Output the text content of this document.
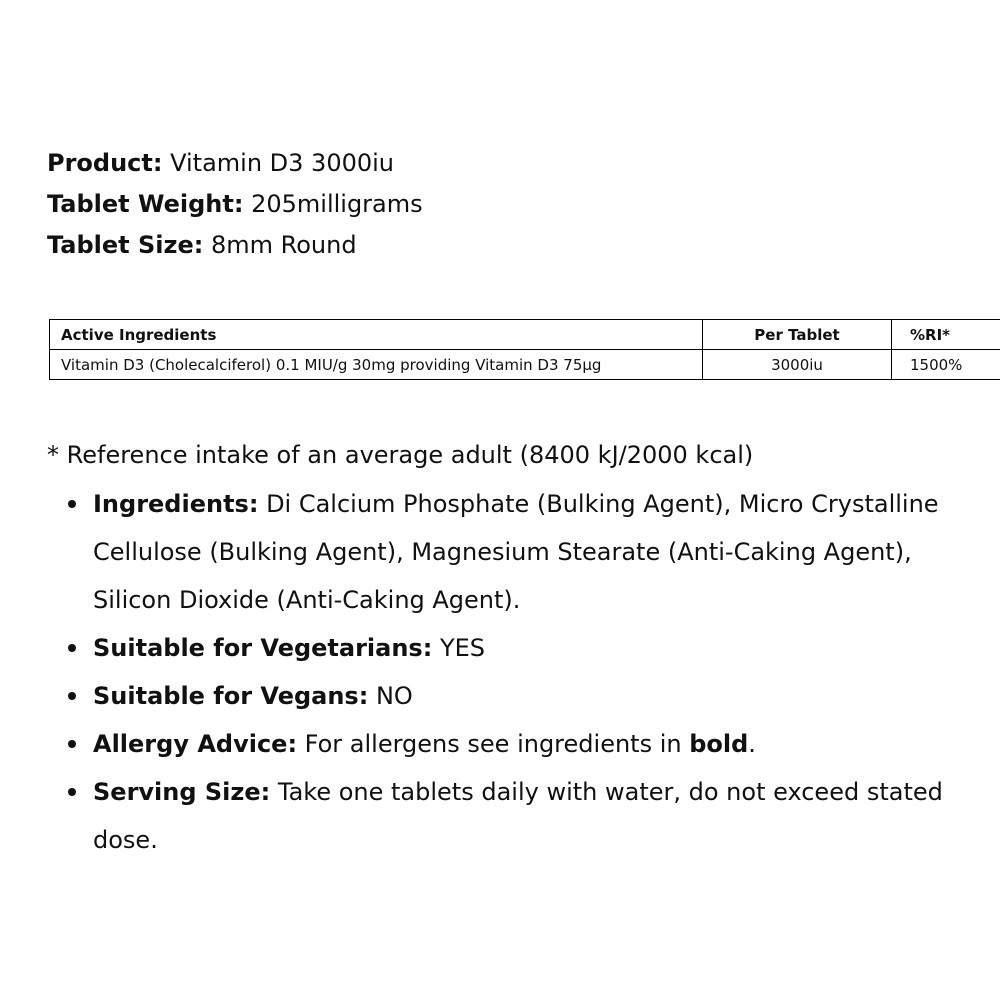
Product: Vitamin D3 3000iu
Tablet Weight: 205milligrams
Tablet Size: 8mm Round
Active Ingredients	Per Tablet	%RI*
Vitamin D3 (Cholecalciferol) 0.1 MIU/g 30mg providing Vitamin D3 75µg	3000iu	1500%
* Reference intake of an average adult (8400 kJ/2000 kcal)
Ingredients: Di Calcium Phosphate (Bulking Agent), Micro Crystalline Cellulose (Bulking Agent), Magnesium Stearate (Anti-Caking Agent), Silicon Dioxide (Anti-Caking Agent).
Suitable for Vegetarians: YES
Suitable for Vegans: NO
Allergy Advice: For allergens see ingredients in bold.
Serving Size: Take one tablets daily with water, do not exceed stated dose.
